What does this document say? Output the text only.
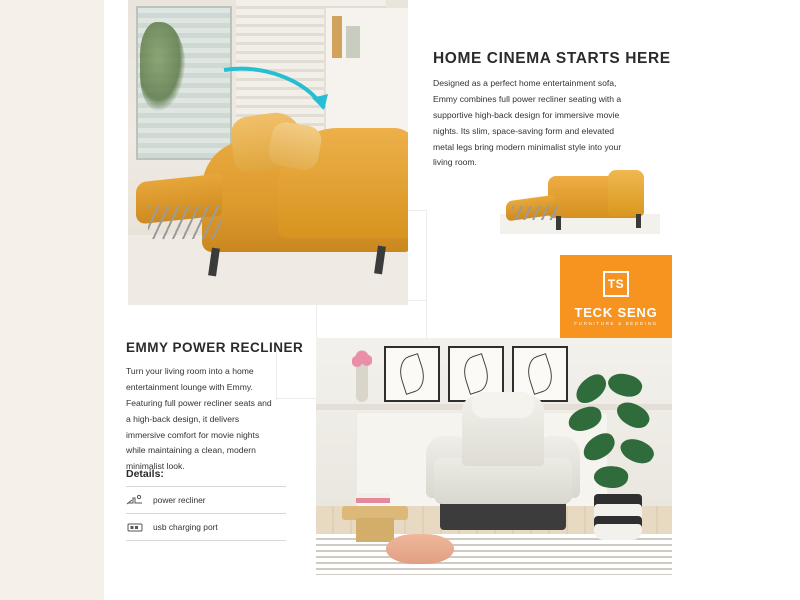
HOME CINEMA STARTS HERE
Designed as a perfect home entertainment sofa, Emmy combines full power recliner seating with a supportive high-back design for immersive movie nights. Its slim, space-saving form and elevated metal legs bring modern minimalist style into your living room.
TS
TECK SENG
FURNITURE & BEDDING
EMMY POWER RECLINER
Turn your living room into a home entertainment lounge with Emmy. Featuring full power recliner seats and a high-back design, it delivers immersive comfort for movie nights while maintaining a clean, modern minimalist look.
Details:
power recliner
usb charging port
